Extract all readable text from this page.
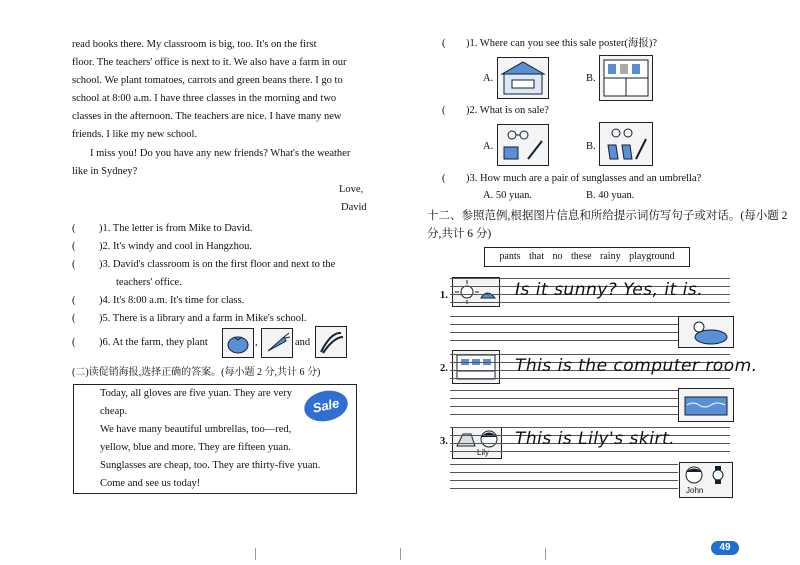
read books there. My classroom is big, too. It's on the first
floor. The teachers' office is next to it. We also have a farm in our
school. We plant tomatoes, carrots and green beans there. I go to
school at 8:00 a.m. I have three classes in the morning and two
classes in the afternoon. The teachers are nice. I have many new
friends. I like my new school.
I miss you! Do you have any new friends? What's the weather
like in Sydney?
Love,
David
( )1. The letter is from Mike to David.
( )2. It's windy and cool in Hangzhou.
( )3. David's classroom is on the first floor and next to the
teachers' office.
( )4. It's 8:00 a.m. It's time for class.
( )5. There is a library and a farm in Mike's school.
( )6. At the farm, they plant	,	and
(二)读促销海报,选择正确的答案。(每小题 2 分,共计 6 分)
Today, all gloves are five yuan. They are very
cheap.
We have many beautiful umbrellas, too—red,
yellow, blue and more. They are fifteen yuan.
Sunglasses are cheap, too. They are thirty-five yuan.
Come and see us today!
Sale
( )1. Where can you see this sale poster(海报)?
A.	B.
( )2. What is on sale?
A.	B.
( )3. How much are a pair of sunglasses and an umbrella?
A. 50 yuan.	B. 40 yuan.
十二、参照范例,根据图片信息和所给提示词仿写句子或对话。(每小题 2
分,共计 6 分)
pants that no these rainy playground
1.	Is it sunny? Yes, it is.
2.	This is the computer room.
3.
Lily
This is Lily's skirt.
John
49
